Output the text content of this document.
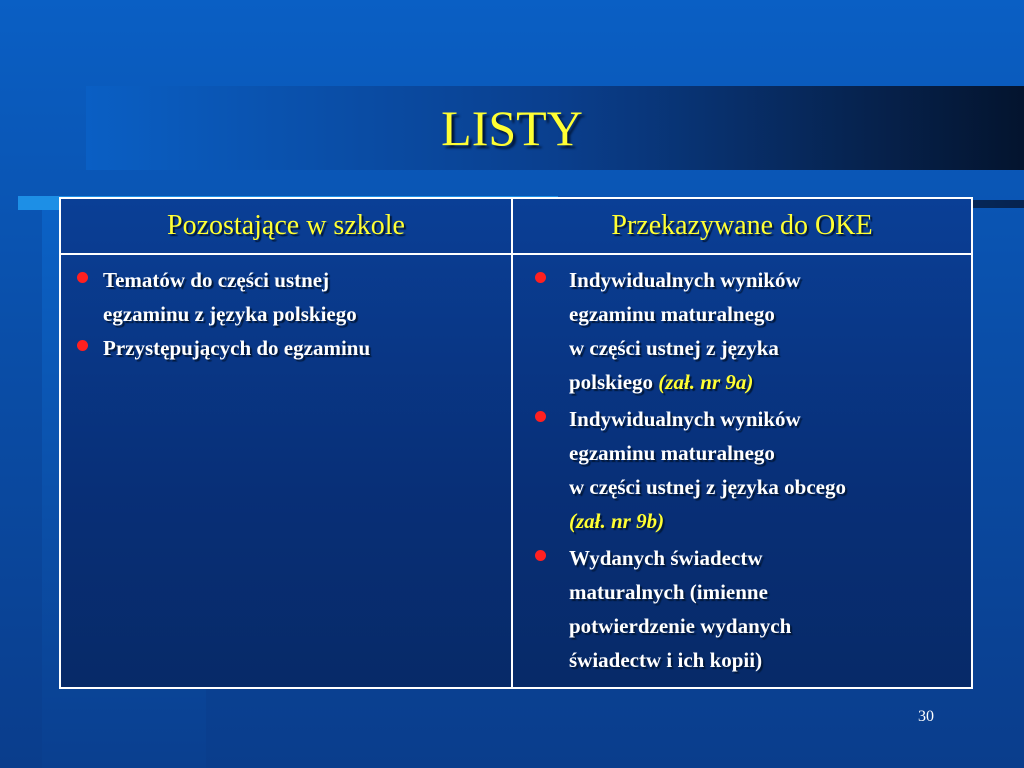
LISTY
Pozostające w szkole	Przekazywane do OKE
Tematów do części ustnej
egzaminu z języka polskiego
Przystępujących do egzaminu
Indywidualnych wyników
egzaminu maturalnego
w części ustnej z języka
polskiego (zał. nr 9a)
Indywidualnych wyników
egzaminu maturalnego
w części ustnej z języka obcego
(zał. nr 9b)
Wydanych świadectw
maturalnych (imienne
potwierdzenie wydanych
świadectw i ich kopii)
30
